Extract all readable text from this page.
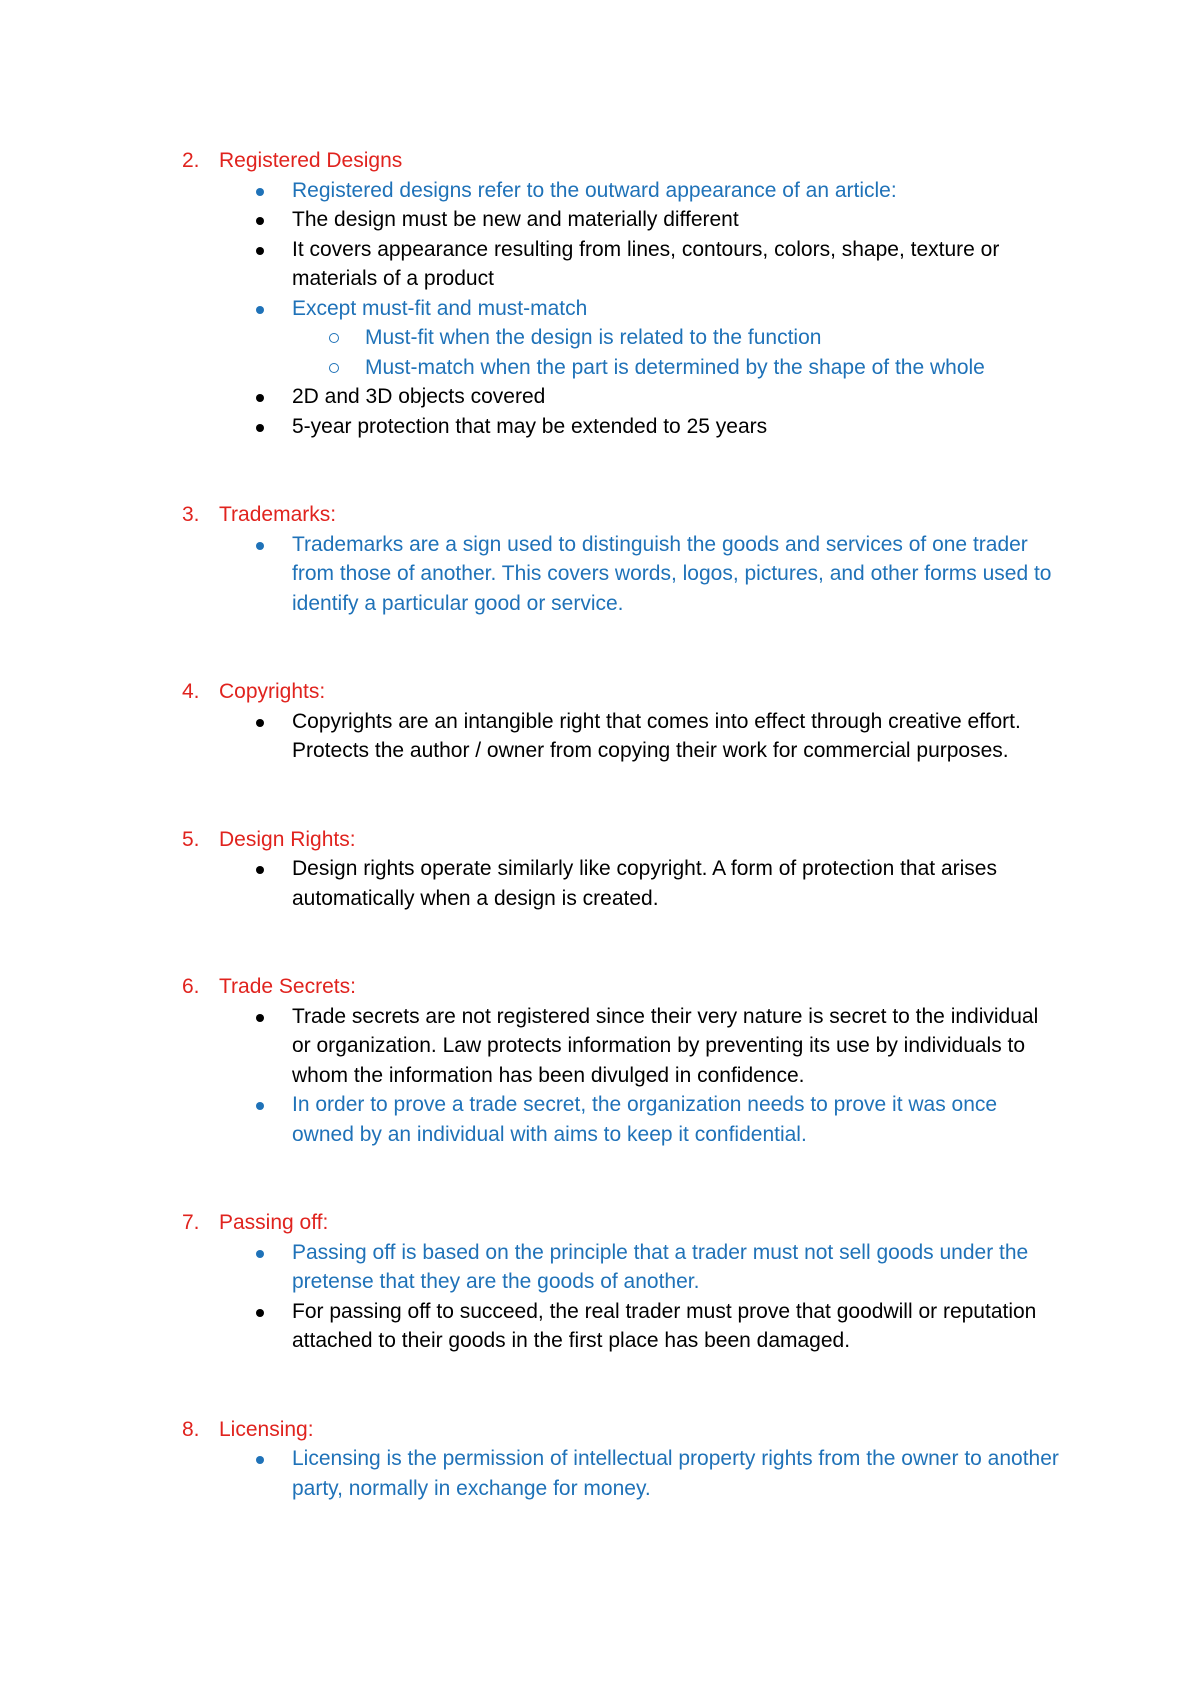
2. Registered Designs
Registered designs refer to the outward appearance of an article:
The design must be new and materially different
It covers appearance resulting from lines, contours, colors, shape, texture or materials of a product
Except must-fit and must-match
Must-fit when the design is related to the function
Must-match when the part is determined by the shape of the whole
2D and 3D objects covered
5-year protection that may be extended to 25 years
3. Trademarks:
Trademarks are a sign used to distinguish the goods and services of one trader from those of another. This covers words, logos, pictures, and other forms used to identify a particular good or service.
4. Copyrights:
Copyrights are an intangible right that comes into effect through creative effort. Protects the author / owner from copying their work for commercial purposes.
5. Design Rights:
Design rights operate similarly like copyright. A form of protection that arises automatically when a design is created.
6. Trade Secrets:
Trade secrets are not registered since their very nature is secret to the individual or organization. Law protects information by preventing its use by individuals to whom the information has been divulged in confidence.
In order to prove a trade secret, the organization needs to prove it was once owned by an individual with aims to keep it confidential.
7. Passing off:
Passing off is based on the principle that a trader must not sell goods under the pretense that they are the goods of another.
For passing off to succeed, the real trader must prove that goodwill or reputation attached to their goods in the first place has been damaged.
8. Licensing:
Licensing is the permission of intellectual property rights from the owner to another party, normally in exchange for money.
